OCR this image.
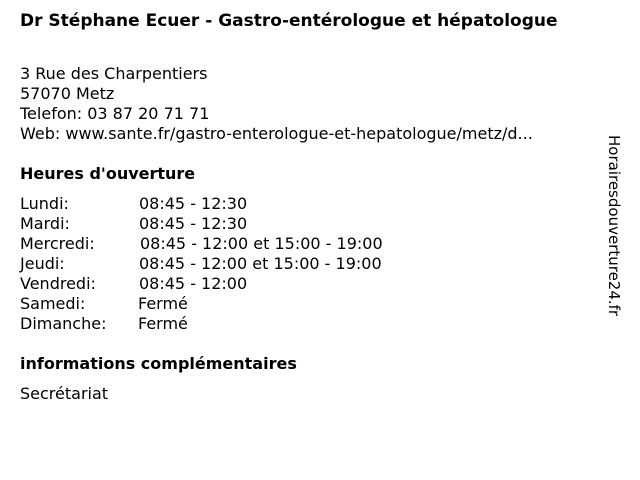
Dr Stéphane Ecuer - Gastro-entérologue et hépatologue
3 Rue des Charpentiers
57070 Metz
Telefon: 03 87 20 71 71
Web: www.sante.fr/gastro-enterologue-et-hepatologue/metz/d...
Heures d'ouverture
Lundi:	08:45 - 12:30
Mardi:	08:45 - 12:30
Mercredi:	08:45 - 12:00 et 15:00 - 19:00
Jeudi:	08:45 - 12:00 et 15:00 - 19:00
Vendredi:	08:45 - 12:00
Samedi:	Fermé
Dimanche:	Fermé
informations complémentaires
Secrétariat
Horairesdouverture24.fr
